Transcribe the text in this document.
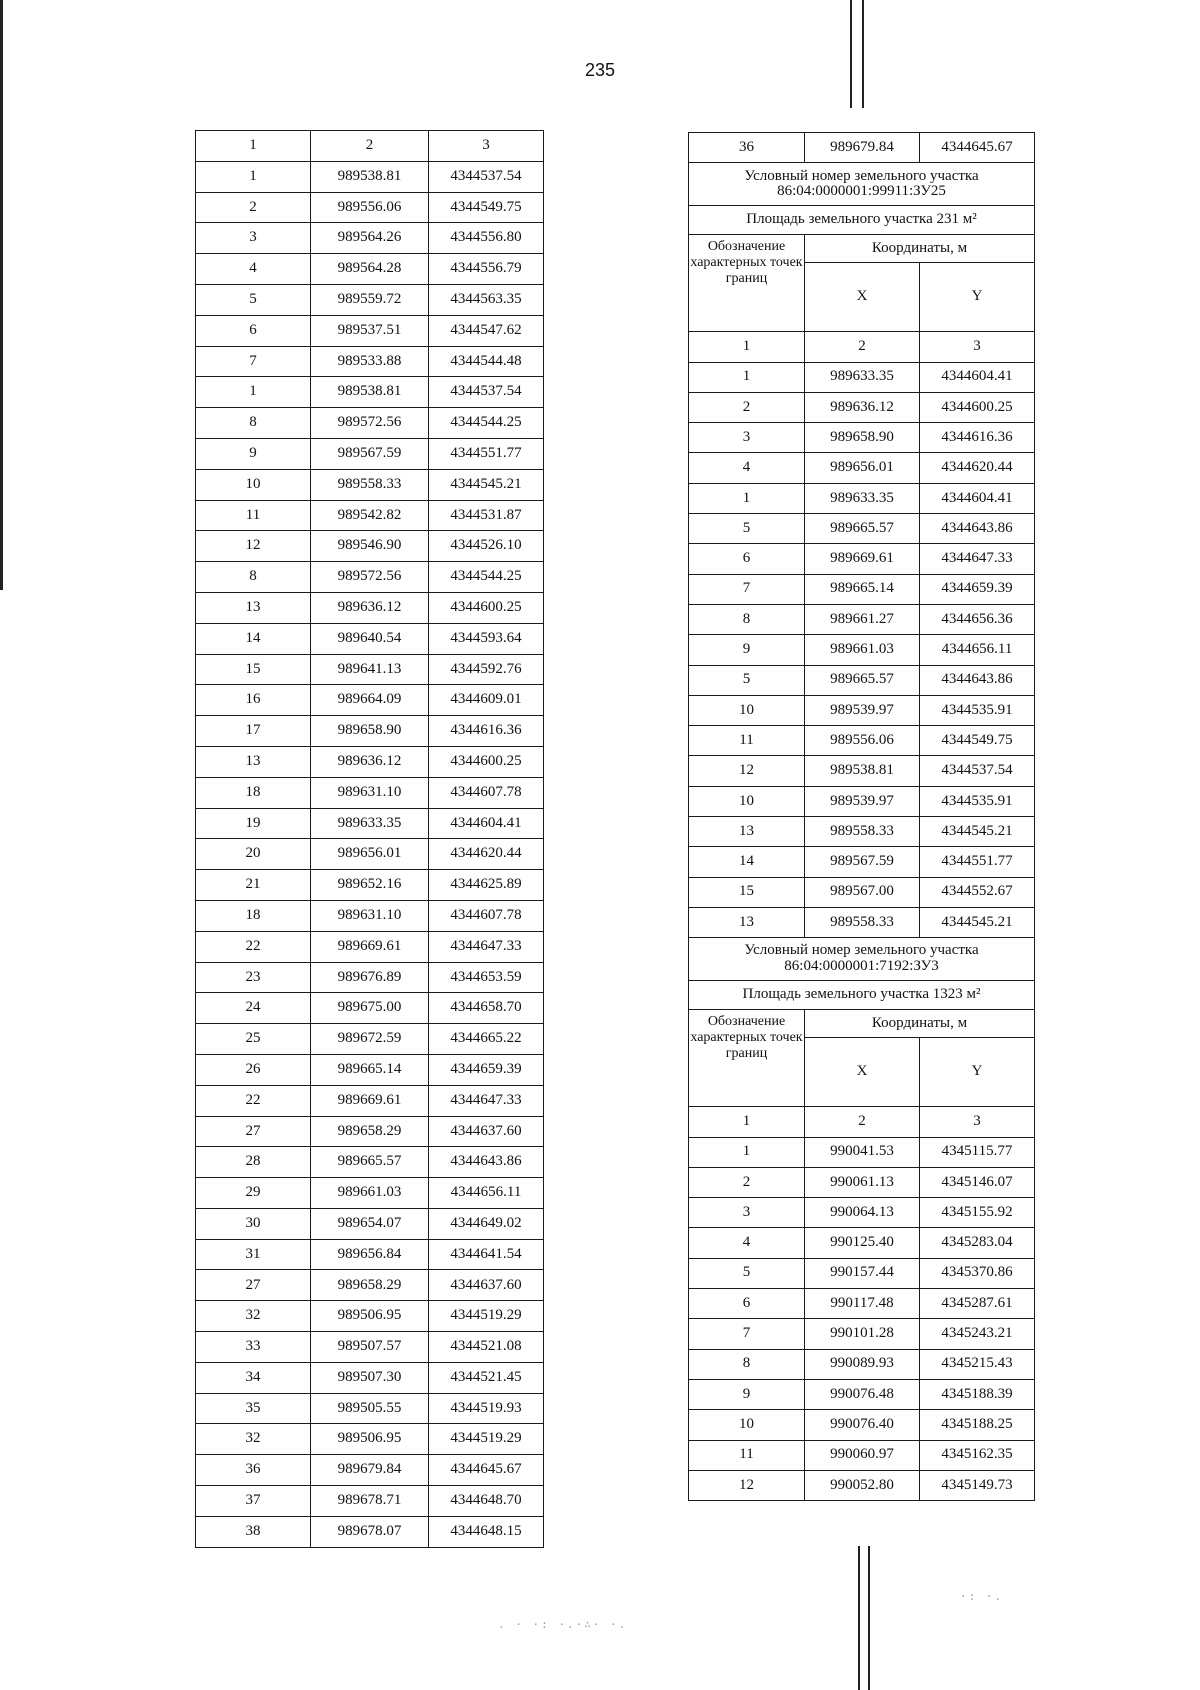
. · ·: ·.·∴· ·.
·: ·.
235
1	2	3
1	989538.81	4344537.54
2	989556.06	4344549.75
3	989564.26	4344556.80
4	989564.28	4344556.79
5	989559.72	4344563.35
6	989537.51	4344547.62
7	989533.88	4344544.48
1	989538.81	4344537.54
8	989572.56	4344544.25
9	989567.59	4344551.77
10	989558.33	4344545.21
11	989542.82	4344531.87
12	989546.90	4344526.10
8	989572.56	4344544.25
13	989636.12	4344600.25
14	989640.54	4344593.64
15	989641.13	4344592.76
16	989664.09	4344609.01
17	989658.90	4344616.36
13	989636.12	4344600.25
18	989631.10	4344607.78
19	989633.35	4344604.41
20	989656.01	4344620.44
21	989652.16	4344625.89
18	989631.10	4344607.78
22	989669.61	4344647.33
23	989676.89	4344653.59
24	989675.00	4344658.70
25	989672.59	4344665.22
26	989665.14	4344659.39
22	989669.61	4344647.33
27	989658.29	4344637.60
28	989665.57	4344643.86
29	989661.03	4344656.11
30	989654.07	4344649.02
31	989656.84	4344641.54
27	989658.29	4344637.60
32	989506.95	4344519.29
33	989507.57	4344521.08
34	989507.30	4344521.45
35	989505.55	4344519.93
32	989506.95	4344519.29
36	989679.84	4344645.67
37	989678.71	4344648.70
38	989678.07	4344648.15
36	989679.84	4344645.67
Условный номер земельного участка 86:04:0000001:99911:ЗУ25		
Площадь земельного участка 231 м²		
Обозначение характерных точек границ	Координаты, м	
	X	Y
1	2	3
1	989633.35	4344604.41
2	989636.12	4344600.25
3	989658.90	4344616.36
4	989656.01	4344620.44
1	989633.35	4344604.41
5	989665.57	4344643.86
6	989669.61	4344647.33
7	989665.14	4344659.39
8	989661.27	4344656.36
9	989661.03	4344656.11
5	989665.57	4344643.86
10	989539.97	4344535.91
11	989556.06	4344549.75
12	989538.81	4344537.54
10	989539.97	4344535.91
13	989558.33	4344545.21
14	989567.59	4344551.77
15	989567.00	4344552.67
13	989558.33	4344545.21
Условный номер земельного участка 86:04:0000001:7192:ЗУ3		
Площадь земельного участка 1323 м²		
Обозначение характерных точек границ	Координаты, м	
	X	Y
1	2	3
1	990041.53	4345115.77
2	990061.13	4345146.07
3	990064.13	4345155.92
4	990125.40	4345283.04
5	990157.44	4345370.86
6	990117.48	4345287.61
7	990101.28	4345243.21
8	990089.93	4345215.43
9	990076.48	4345188.39
10	990076.40	4345188.25
11	990060.97	4345162.35
12	990052.80	4345149.73
